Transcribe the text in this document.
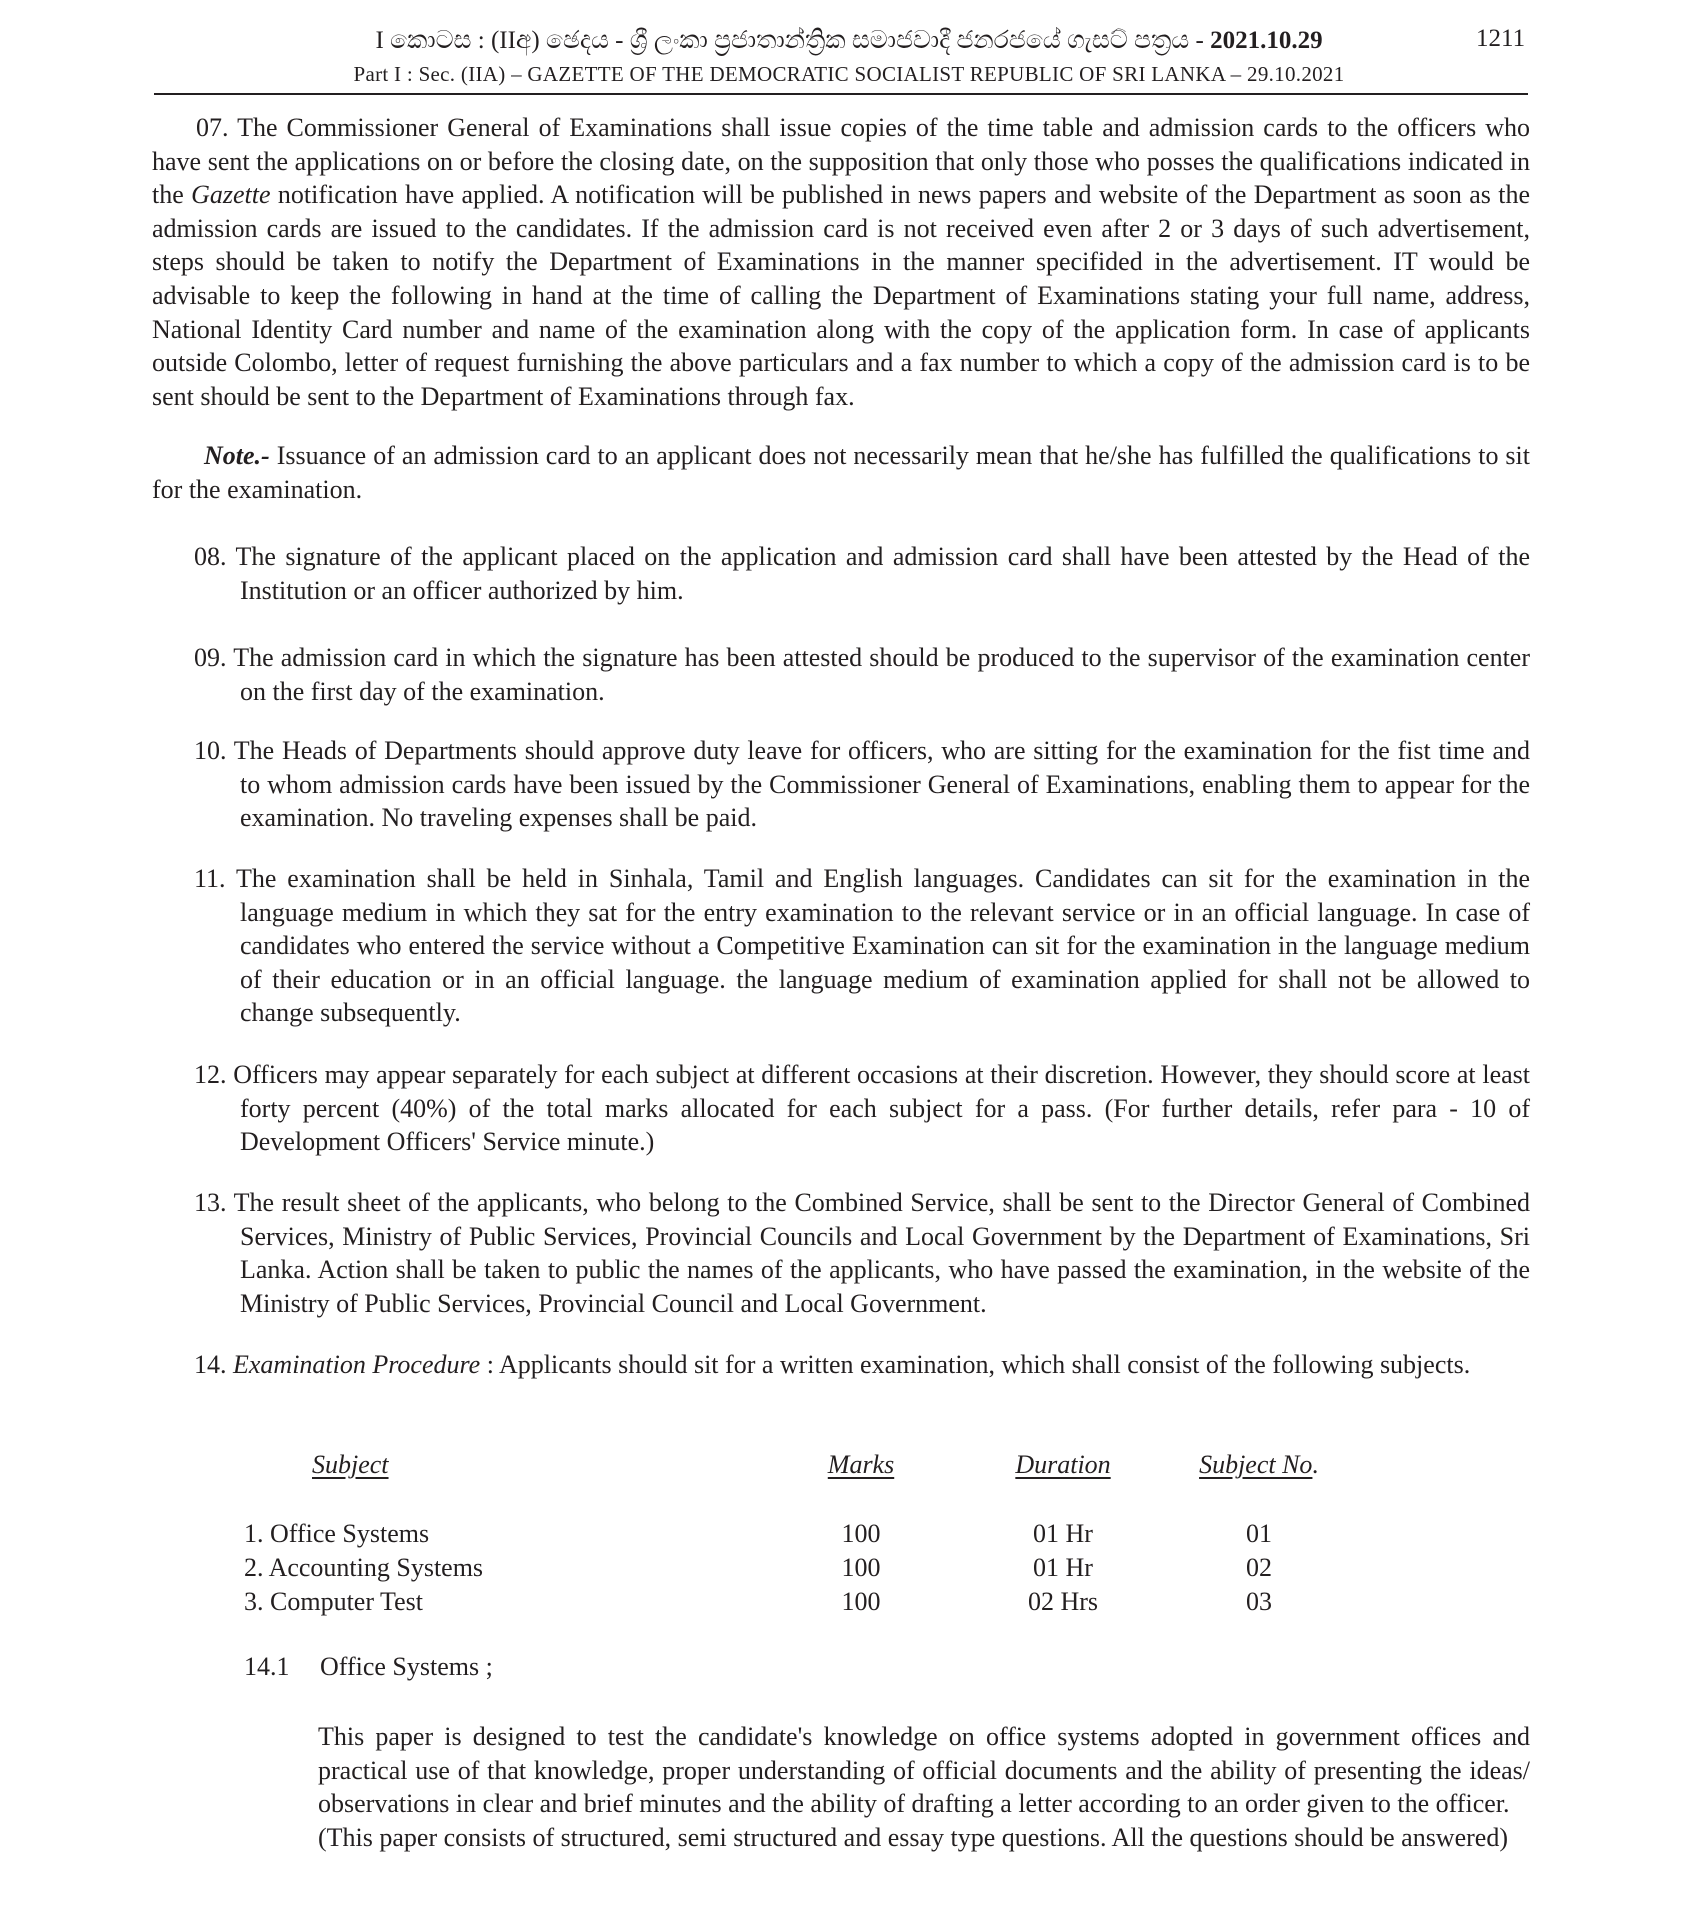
I කොටස : (IIඅ) ඡෙදය - ශ්‍රී ලංකා ප්‍රජාතාන්ත්‍රික සමාජවාදී ජනරජයේ ගැසට් පත්‍රය - 2021.10.29	1211
Part I : Sec. (IIA) – GAZETTE OF THE DEMOCRATIC SOCIALIST REPUBLIC OF SRI LANKA – 29.10.2021

07. The Commissioner General of Examinations shall issue copies of the time table and admission cards to the officers who have sent the applications on or before the closing date, on the supposition that only those who posses the qualifications indicated in the Gazette notification have applied. A notification will be published in news papers and website of the Department as soon as the admission cards are issued to the candidates. If the admission card is not received even after 2 or 3 days of such advertisement, steps should be taken to notify the Department of Examinations in the manner specifided in the advertisement. IT would be advisable to keep the following in hand at the time of calling the Department of Examinations stating your full name, address, National Identity Card number and name of the examination along with the copy of the application form. In case of applicants outside Colombo, letter of request furnishing the above particulars and a fax number to which a copy of the admission card is to be sent should be sent to the Department of Examinations through fax.

Note.- Issuance of an admission card to an applicant does not necessarily mean that he/she has fulfilled the qualifications to sit for the examination.

08. The signature of the applicant placed on the application and admission card shall have been attested by the Head of the Institution or an officer authorized by him.

09. The admission card in which the signature has been attested should be produced to the supervisor of the examination center on the first day of the examination.

10. The Heads of Departments should approve duty leave for officers, who are sitting for the examination for the fist time and to whom admission cards have been issued by the Commissioner General of Examinations, enabling them to appear for the examination. No traveling expenses shall be paid.

11. The examination shall be held in Sinhala, Tamil and English languages. Candidates can sit for the examination in the language medium in which they sat for the entry examination to the relevant service or in an official language. In case of candidates who entered the service without a Competitive Examination can sit for the examination in the language medium of their education or in an official language. the language medium of examination applied for shall not be allowed to change subsequently.

12. Officers may appear separately for each subject at different occasions at their discretion. However, they should score at least forty percent (40%) of the total marks allocated for each subject for a pass. (For further details, refer para - 10 of Development Officers' Service minute.)

13. The result sheet of the applicants, who belong to the Combined Service, shall be sent to the Director General of Combined Services, Ministry of Public Services, Provincial Councils and Local Government by the Department of Examinations, Sri Lanka. Action shall be taken to public the names of the applicants, who have passed the examination, in the website of the Ministry of Public Services, Provincial Council and Local Government.

14. Examination Procedure : Applicants should sit for a written examination, which shall consist of the following subjects.

Subject	Marks	Duration	Subject No.
1. Office Systems	100	01 Hr	01
2. Accounting Systems	100	01 Hr	02
3. Computer Test	100	02 Hrs	03
14.1 Office Systems ;

This paper is designed to test the candidate's knowledge on office systems adopted in government offices and practical use of that knowledge, proper understanding of official documents and the ability of presenting the ideas/ observations in clear and brief minutes and the ability of drafting a letter according to an order given to the officer.

(This paper consists of structured, semi structured and essay type questions. All the questions should be answered)
